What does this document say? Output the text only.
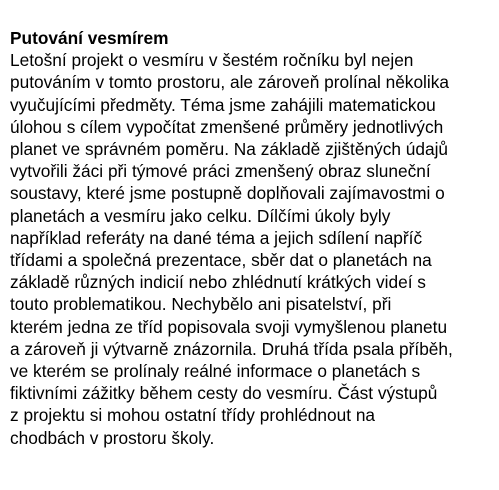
Putování vesmírem
Letošní projekt o vesmíru v šestém ročníku byl nejen
putováním v tomto prostoru, ale zároveň prolínal několika
vyučujícími předměty. Téma jsme zahájili matematickou
úlohou s cílem vypočítat zmenšené průměry jednotlivých
planet ve správném poměru. Na základě zjištěných údajů
vytvořili žáci při týmové práci zmenšený obraz sluneční
soustavy, které jsme postupně doplňovali zajímavostmi o
planetách a vesmíru jako celku. Dílčími úkoly byly
například referáty na dané téma a jejich sdílení napříč
třídami a společná prezentace, sběr dat o planetách na
základě různých indicií nebo zhlédnutí krátkých videí s
touto problematikou. Nechybělo ani pisatelství, při
kterém jedna ze tříd popisovala svoji vymyšlenou planetu
a zároveň ji výtvarně znázornila. Druhá třída psala příběh,
ve kterém se prolínaly reálné informace o planetách s
fiktivními zážitky během cesty do vesmíru. Část výstupů
z projektu si mohou ostatní třídy prohlédnout na
chodbách v prostoru školy.
